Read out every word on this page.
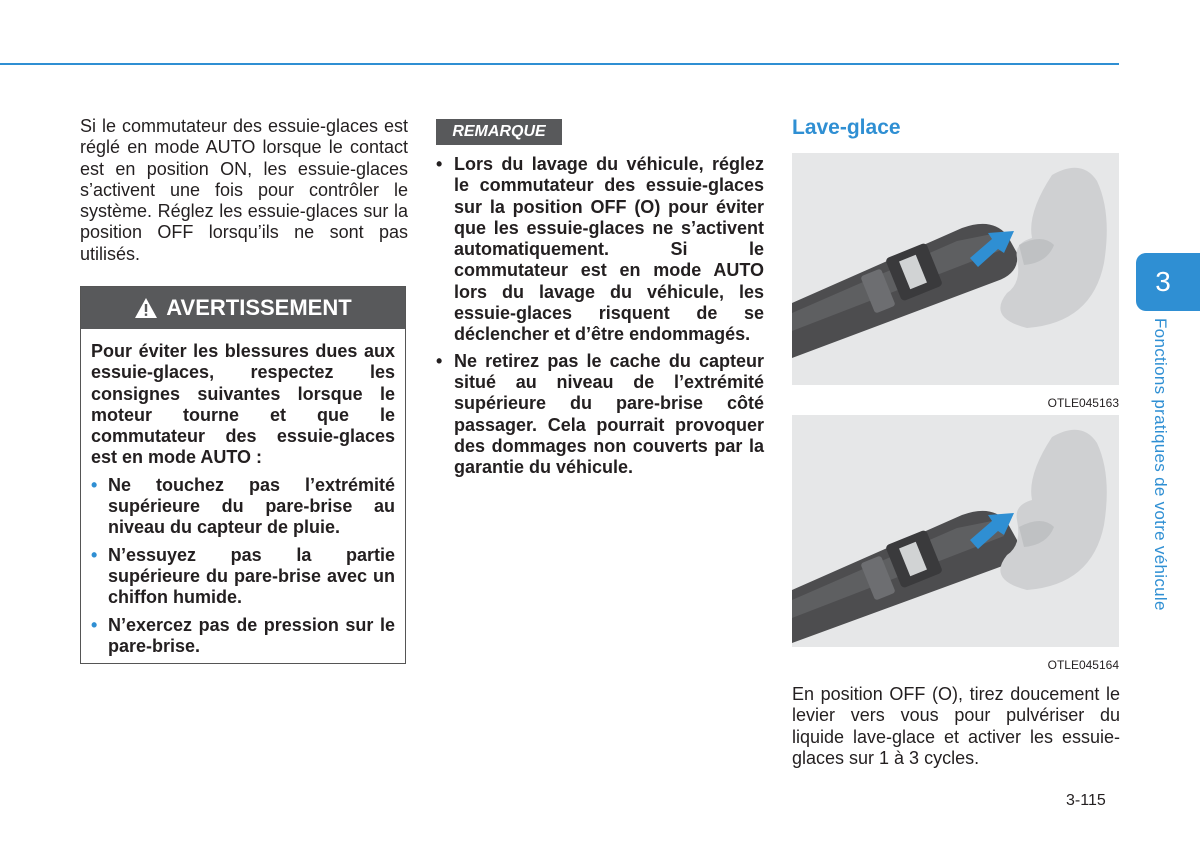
Si le commutateur des essuie-glaces est réglé en mode AUTO lorsque le contact est en position ON, les essuie-glaces s’activent une fois pour contrôler le système. Réglez les essuie-glaces sur la position OFF lorsqu’ils ne sont pas utilisés.
AVERTISSEMENT

Pour éviter les blessures dues aux essuie-glaces, respectez les consignes suivantes lorsque le moteur tourne et que le commutateur des essuie-glaces est en mode AUTO :

• Ne touchez pas l’extrémité supérieure du pare-brise au niveau du capteur de pluie.
• N’essuyez pas la partie supérieure du pare-brise avec un chiffon humide.
• N’exercez pas de pression sur le pare-brise.
REMARQUE
• Lors du lavage du véhicule, réglez le commutateur des essuie-glaces sur la position OFF (O) pour éviter que les essuie-glaces ne s’activent automatiquement. Si le commutateur est en mode AUTO lors du lavage du véhicule, les essuie-glaces risquent de se déclencher et d’être endommagés.
• Ne retirez pas le cache du capteur situé au niveau de l’extrémité supérieure du pare-brise côté passager. Cela pourrait provoquer des dommages non couverts par la garantie du véhicule.
Lave-glace
OTLE045163
OTLE045164
En position OFF (O), tirez doucement le levier vers vous pour pulvériser du liquide lave-glace et activer les essuie-glaces sur 1 à 3 cycles.
3-115
3
Fonctions pratiques de votre véhicule
